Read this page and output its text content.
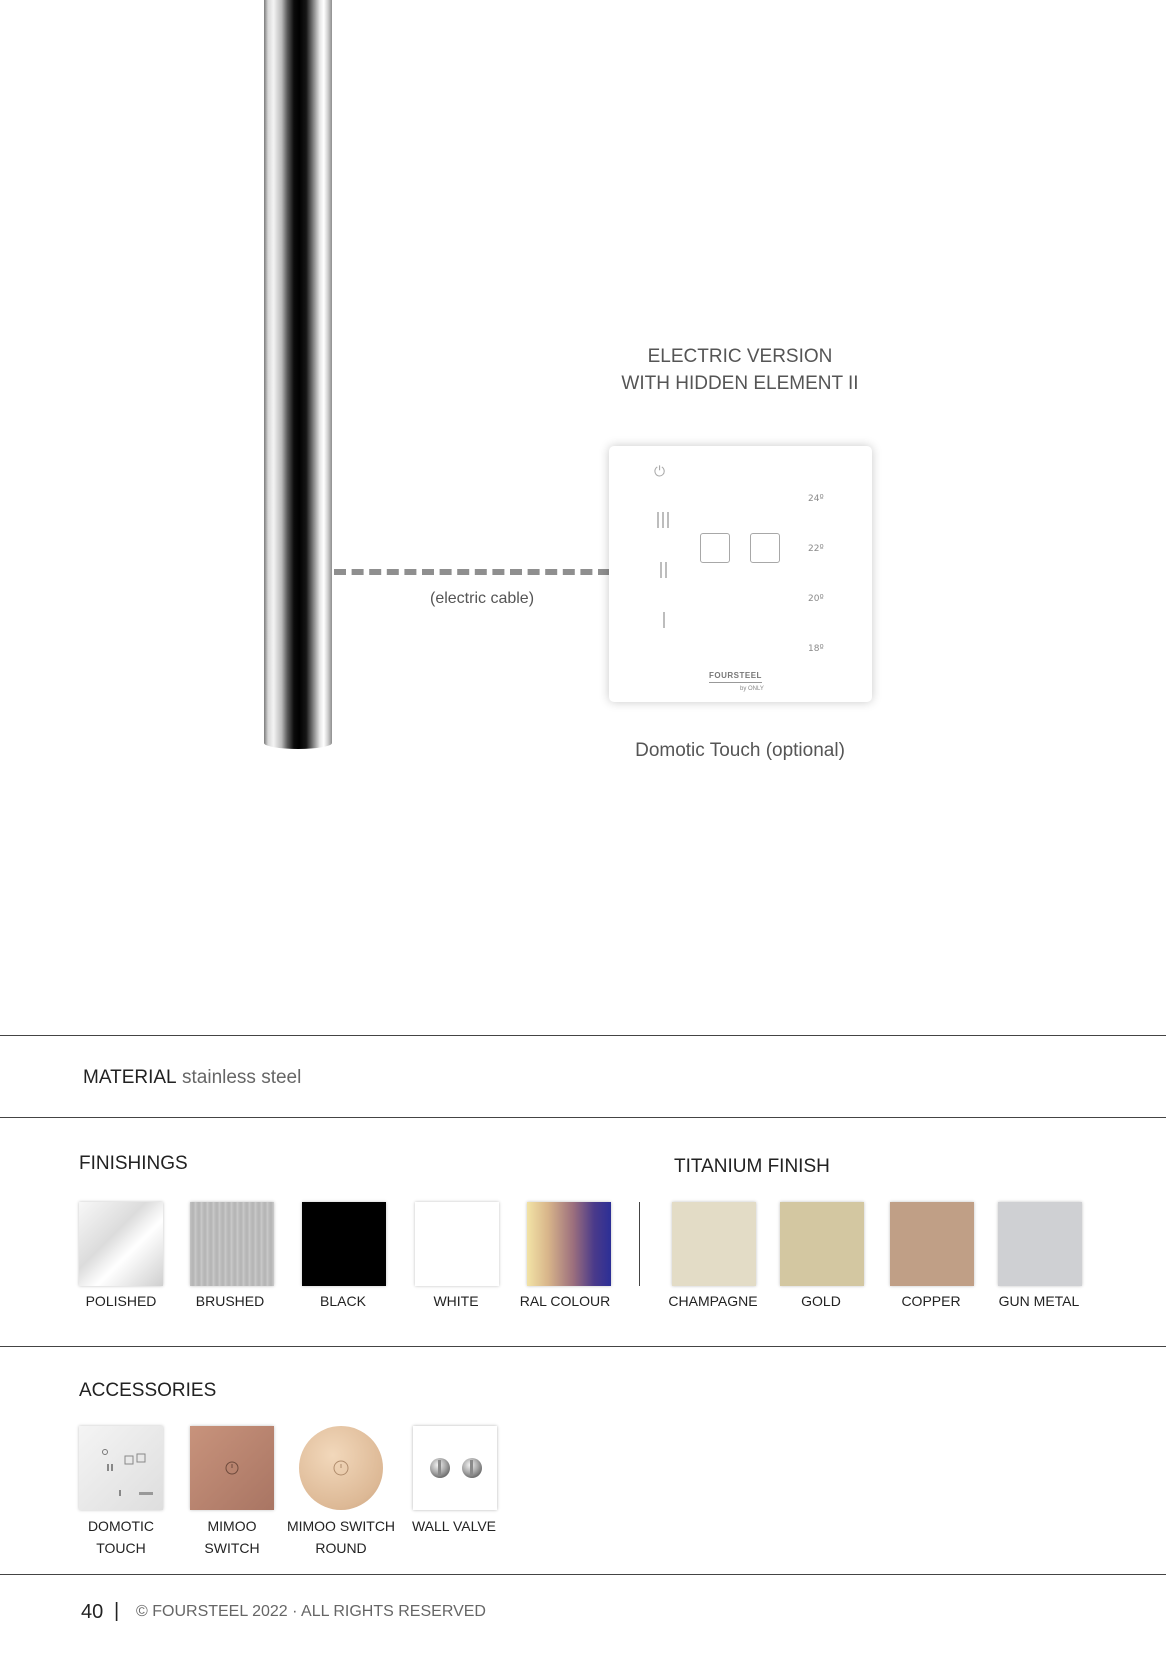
(electric cable)
ELECTRIC VERSION
WITH HIDDEN ELEMENT II
⏻
24º
22º
20º
18º
FOURSTEEL
by ONLY
Domotic Touch (optional)
MATERIAL stainless steel
FINISHINGS	TITANIUM FINISH
POLISHED	BRUSHED	BLACK	WHITE	RAL COLOUR	CHAMPAGNE	GOLD	COPPER	GUN METAL
ACCESSORIES
DOMOTIC
TOUCH
MIMOO
SWITCH
MIMOO SWITCH
ROUND
WALL VALVE
40 | © FOURSTEEL 2022 · ALL RIGHTS RESERVED
